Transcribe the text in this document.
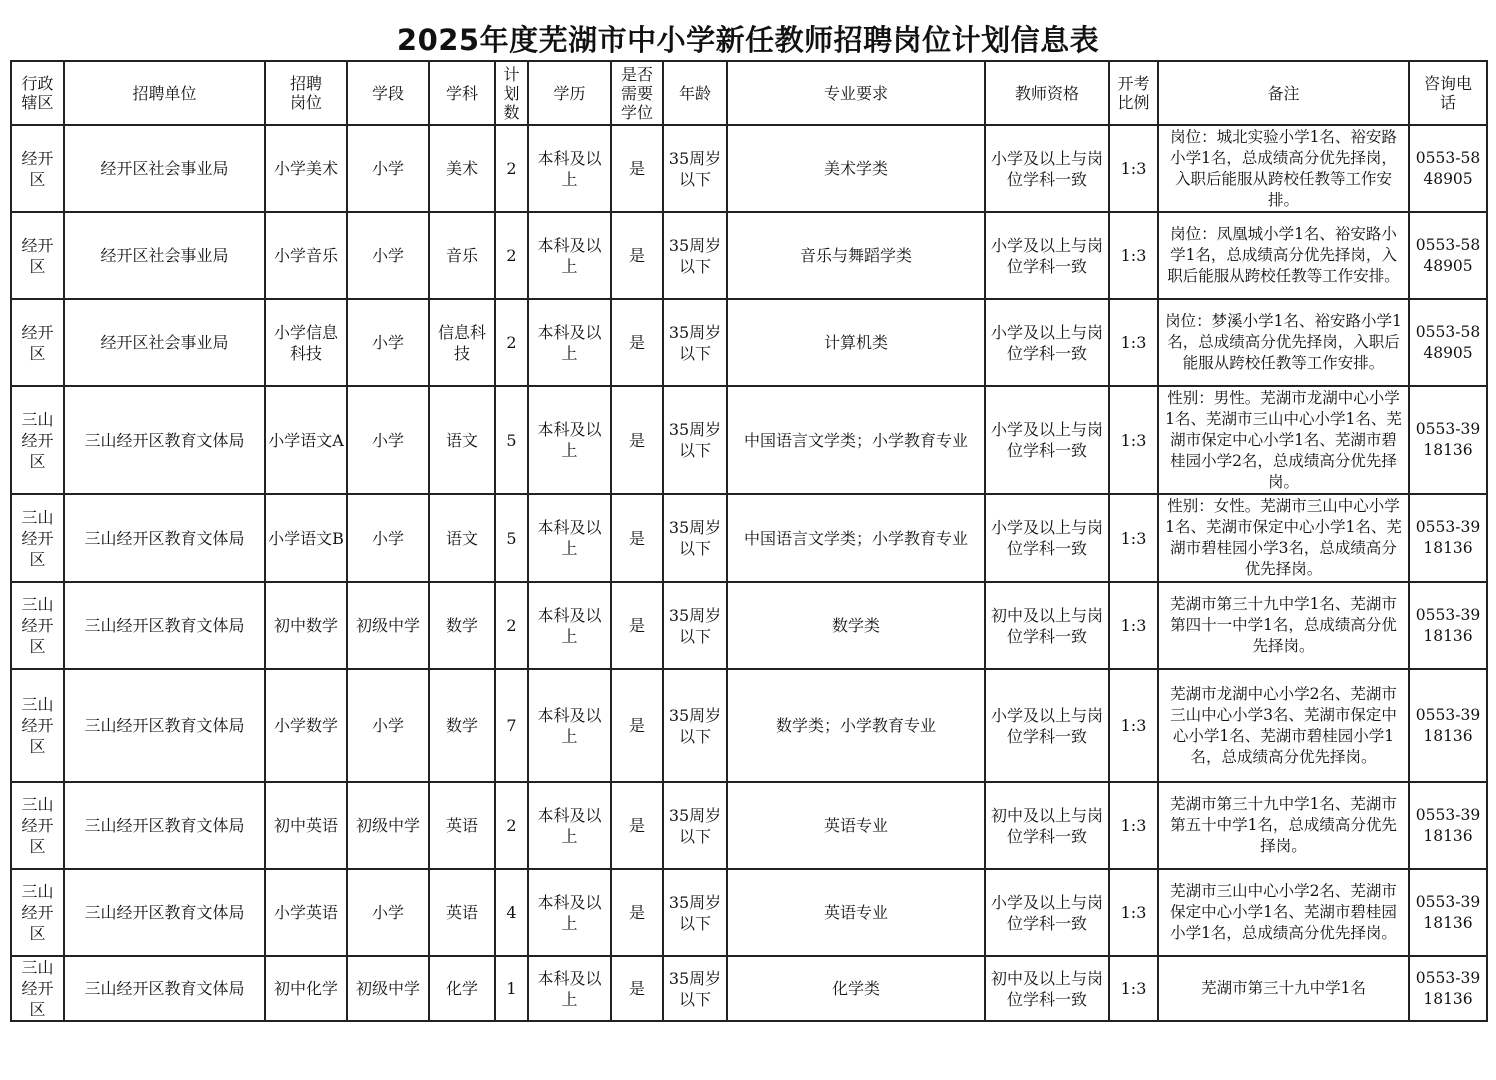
2025年度芜湖市中小学新任教师招聘岗位计划信息表
行政辖区	招聘单位	招聘岗位	学段	学科	计划数	学历	是否需要学位	年龄	专业要求	教师资格	开考比例	备注	咨询电话
经开区	经开区社会事业局	小学美术	小学	美术	2	本科及以上	是	35周岁以下	美术学类	小学及以上与岗位学科一致	1:3	岗位：城北实验小学1名、裕安路小学1名，总成绩高分优先择岗，入职后能服从跨校任教等工作安排。	0553-5848905
经开区	经开区社会事业局	小学音乐	小学	音乐	2	本科及以上	是	35周岁以下	音乐与舞蹈学类	小学及以上与岗位学科一致	1:3	岗位：凤凰城小学1名、裕安路小学1名，总成绩高分优先择岗，入职后能服从跨校任教等工作安排。	0553-5848905
经开区	经开区社会事业局	小学信息科技	小学	信息科技	2	本科及以上	是	35周岁以下	计算机类	小学及以上与岗位学科一致	1:3	岗位：梦溪小学1名、裕安路小学1名，总成绩高分优先择岗，入职后能服从跨校任教等工作安排。	0553-5848905
三山经开区	三山经开区教育文体局	小学语文A	小学	语文	5	本科及以上	是	35周岁以下	中国语言文学类；小学教育专业	小学及以上与岗位学科一致	1:3	性别：男性。芜湖市龙湖中心小学1名、芜湖市三山中心小学1名、芜湖市保定中心小学1名、芜湖市碧桂园小学2名，总成绩高分优先择岗。	0553-3918136
三山经开区	三山经开区教育文体局	小学语文B	小学	语文	5	本科及以上	是	35周岁以下	中国语言文学类；小学教育专业	小学及以上与岗位学科一致	1:3	性别：女性。芜湖市三山中心小学1名、芜湖市保定中心小学1名、芜湖市碧桂园小学3名，总成绩高分优先择岗。	0553-3918136
三山经开区	三山经开区教育文体局	初中数学	初级中学	数学	2	本科及以上	是	35周岁以下	数学类	初中及以上与岗位学科一致	1:3	芜湖市第三十九中学1名、芜湖市第四十一中学1名，总成绩高分优先择岗。	0553-3918136
三山经开区	三山经开区教育文体局	小学数学	小学	数学	7	本科及以上	是	35周岁以下	数学类；小学教育专业	小学及以上与岗位学科一致	1:3	芜湖市龙湖中心小学2名、芜湖市三山中心小学3名、芜湖市保定中心小学1名、芜湖市碧桂园小学1名，总成绩高分优先择岗。	0553-3918136
三山经开区	三山经开区教育文体局	初中英语	初级中学	英语	2	本科及以上	是	35周岁以下	英语专业	初中及以上与岗位学科一致	1:3	芜湖市第三十九中学1名、芜湖市第五十中学1名，总成绩高分优先择岗。	0553-3918136
三山经开区	三山经开区教育文体局	小学英语	小学	英语	4	本科及以上	是	35周岁以下	英语专业	小学及以上与岗位学科一致	1:3	芜湖市三山中心小学2名、芜湖市保定中心小学1名、芜湖市碧桂园小学1名，总成绩高分优先择岗。	0553-3918136
三山经开区	三山经开区教育文体局	初中化学	初级中学	化学	1	本科及以上	是	35周岁以下	化学类	初中及以上与岗位学科一致	1:3	芜湖市第三十九中学1名	0553-3918136
